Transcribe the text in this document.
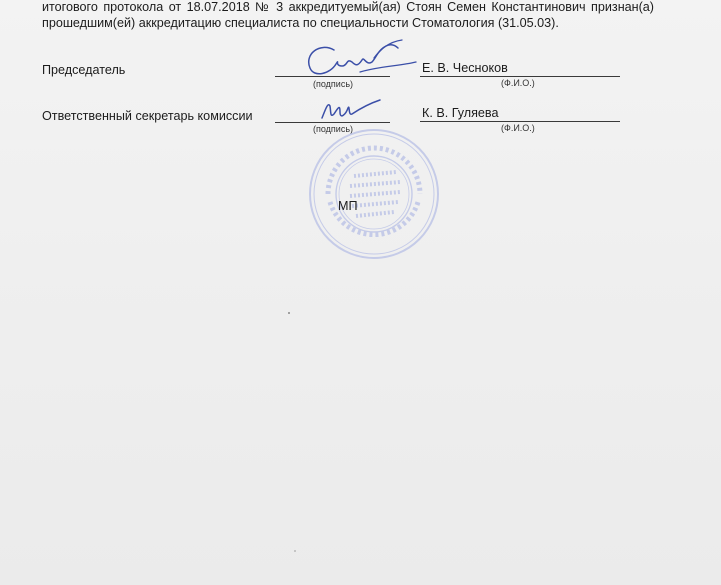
итогового протокола от 18.07.2018 № 3 аккредитуемый(ая) Стоян Семен Константинович признан(а)
прошедшим(ей) аккредитацию специалиста по специальности Стоматология (31.05.03).
Председатель
(подпись)
Е. В. Чесноков
(Ф.И.О.)
Ответственный секретарь комиссии
(подпись)
К. В. Гуляева
(Ф.И.О.)
МП
